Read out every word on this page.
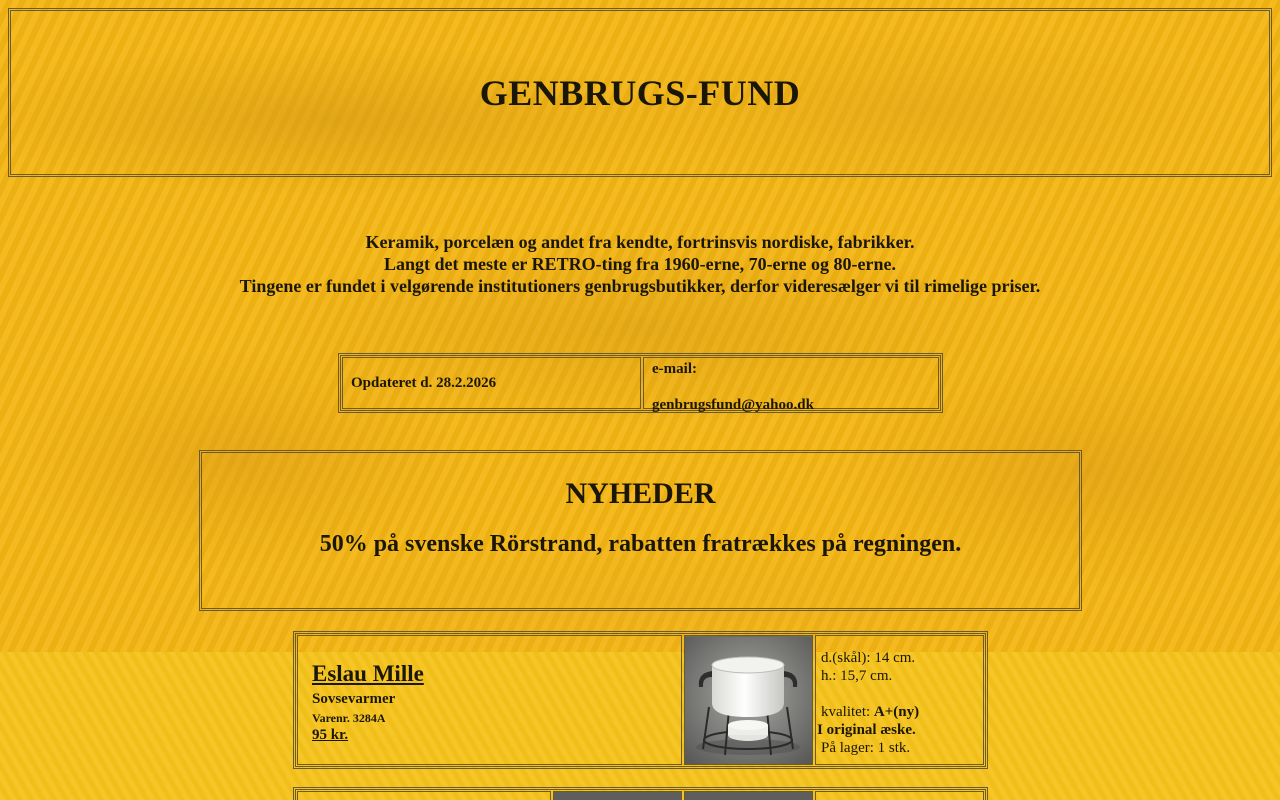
GENBRUGS-FUND
Keramik, porcelæn og andet fra kendte, fortrinsvis nordiske, fabrikker.
Langt det meste er RETRO-ting fra 1960-erne, 70-erne og 80-erne.
Tingene er fundet i velgørende institutioners genbrugsbutikker, derfor videresælger vi til rimelige priser.
Opdateret d. 28.2.2026
e-mail:
genbrugsfund@yahoo.dk
NYHEDER
50% på svenske Rörstrand, rabatten fratrækkes på regningen.
Eslau Mille
Sovsevarmer
Varenr. 3284A
95 kr.
d.(skål): 14 cm.
h.: 15,7 cm.
kvalitet: A+(ny)
I original æske.
På lager: 1 stk.
